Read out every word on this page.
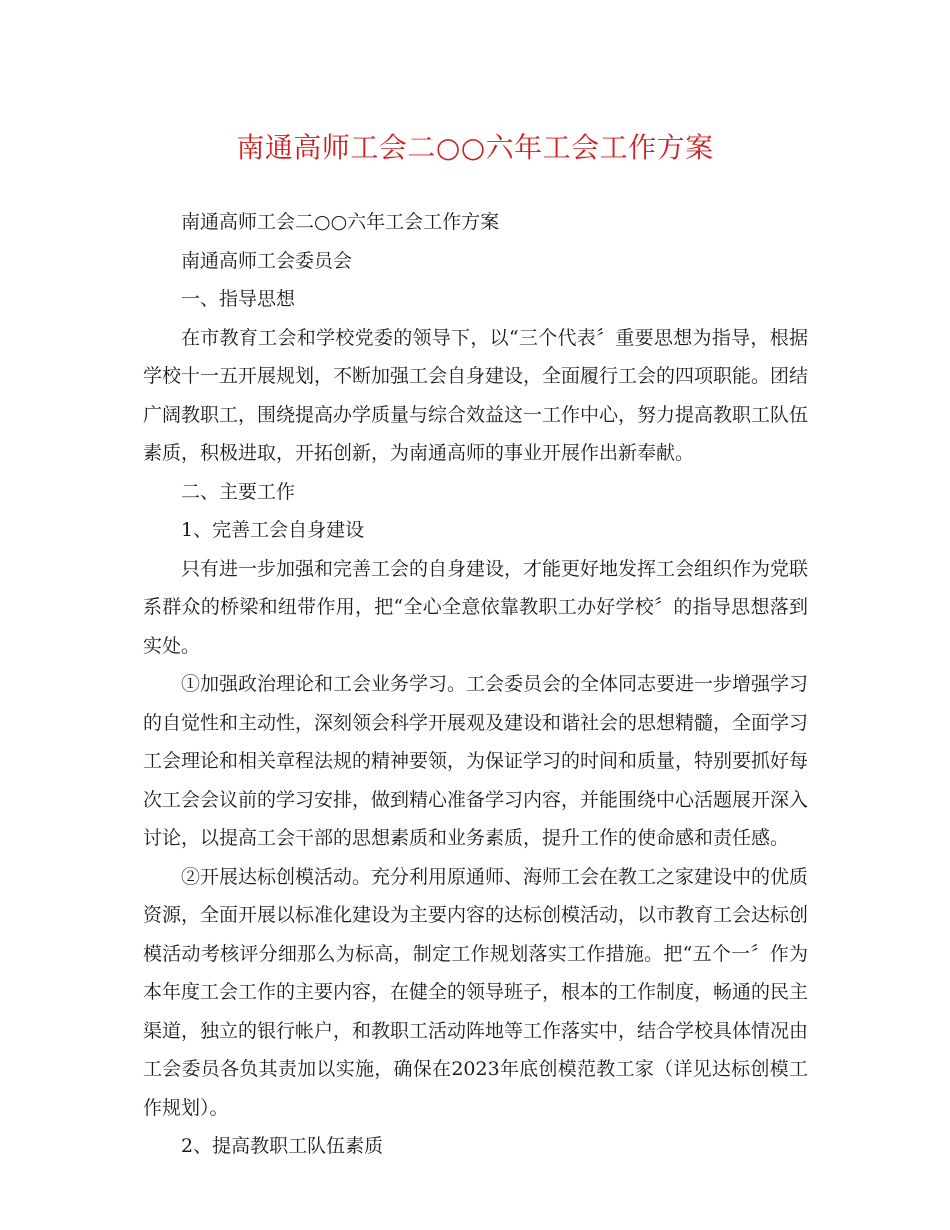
南通高师工会二○○六年工会工作方案

南通高师工会二○○六年工会工作方案

南通高师工会委员会

一、指导思想

在市教育工会和学校党委的领导下，以“三个代表〞重要思想为指导，根据学校十一五开展规划，不断加强工会自身建设，全面履行工会的四项职能。团结广阔教职工，围绕提高办学质量与综合效益这一工作中心，努力提高教职工队伍素质，积极进取，开拓创新，为南通高师的事业开展作出新奉献。

二、主要工作

1、完善工会自身建设

只有进一步加强和完善工会的自身建设，才能更好地发挥工会组织作为党联系群众的桥梁和纽带作用，把“全心全意依靠教职工办好学校〞的指导思想落到实处。

①加强政治理论和工会业务学习。工会委员会的全体同志要进一步增强学习的自觉性和主动性，深刻领会科学开展观及建设和谐社会的思想精髓，全面学习工会理论和相关章程法规的精神要领，为保证学习的时间和质量，特别要抓好每次工会会议前的学习安排，做到精心准备学习内容，并能围绕中心活题展开深入讨论，以提高工会干部的思想素质和业务素质，提升工作的使命感和责任感。

②开展达标创模活动。充分利用原通师、海师工会在教工之家建设中的优质资源，全面开展以标准化建设为主要内容的达标创模活动，以市教育工会达标创模活动考核评分细那么为标高，制定工作规划落实工作措施。把“五个一〞作为本年度工会工作的主要内容，在健全的领导班子，根本的工作制度，畅通的民主渠道，独立的银行帐户，和教职工活动阵地等工作落实中，结合学校具体情况由工会委员各负其责加以实施，确保在2023年底创模范教工家（详见达标创模工作规划）。

2、提高教职工队伍素质
